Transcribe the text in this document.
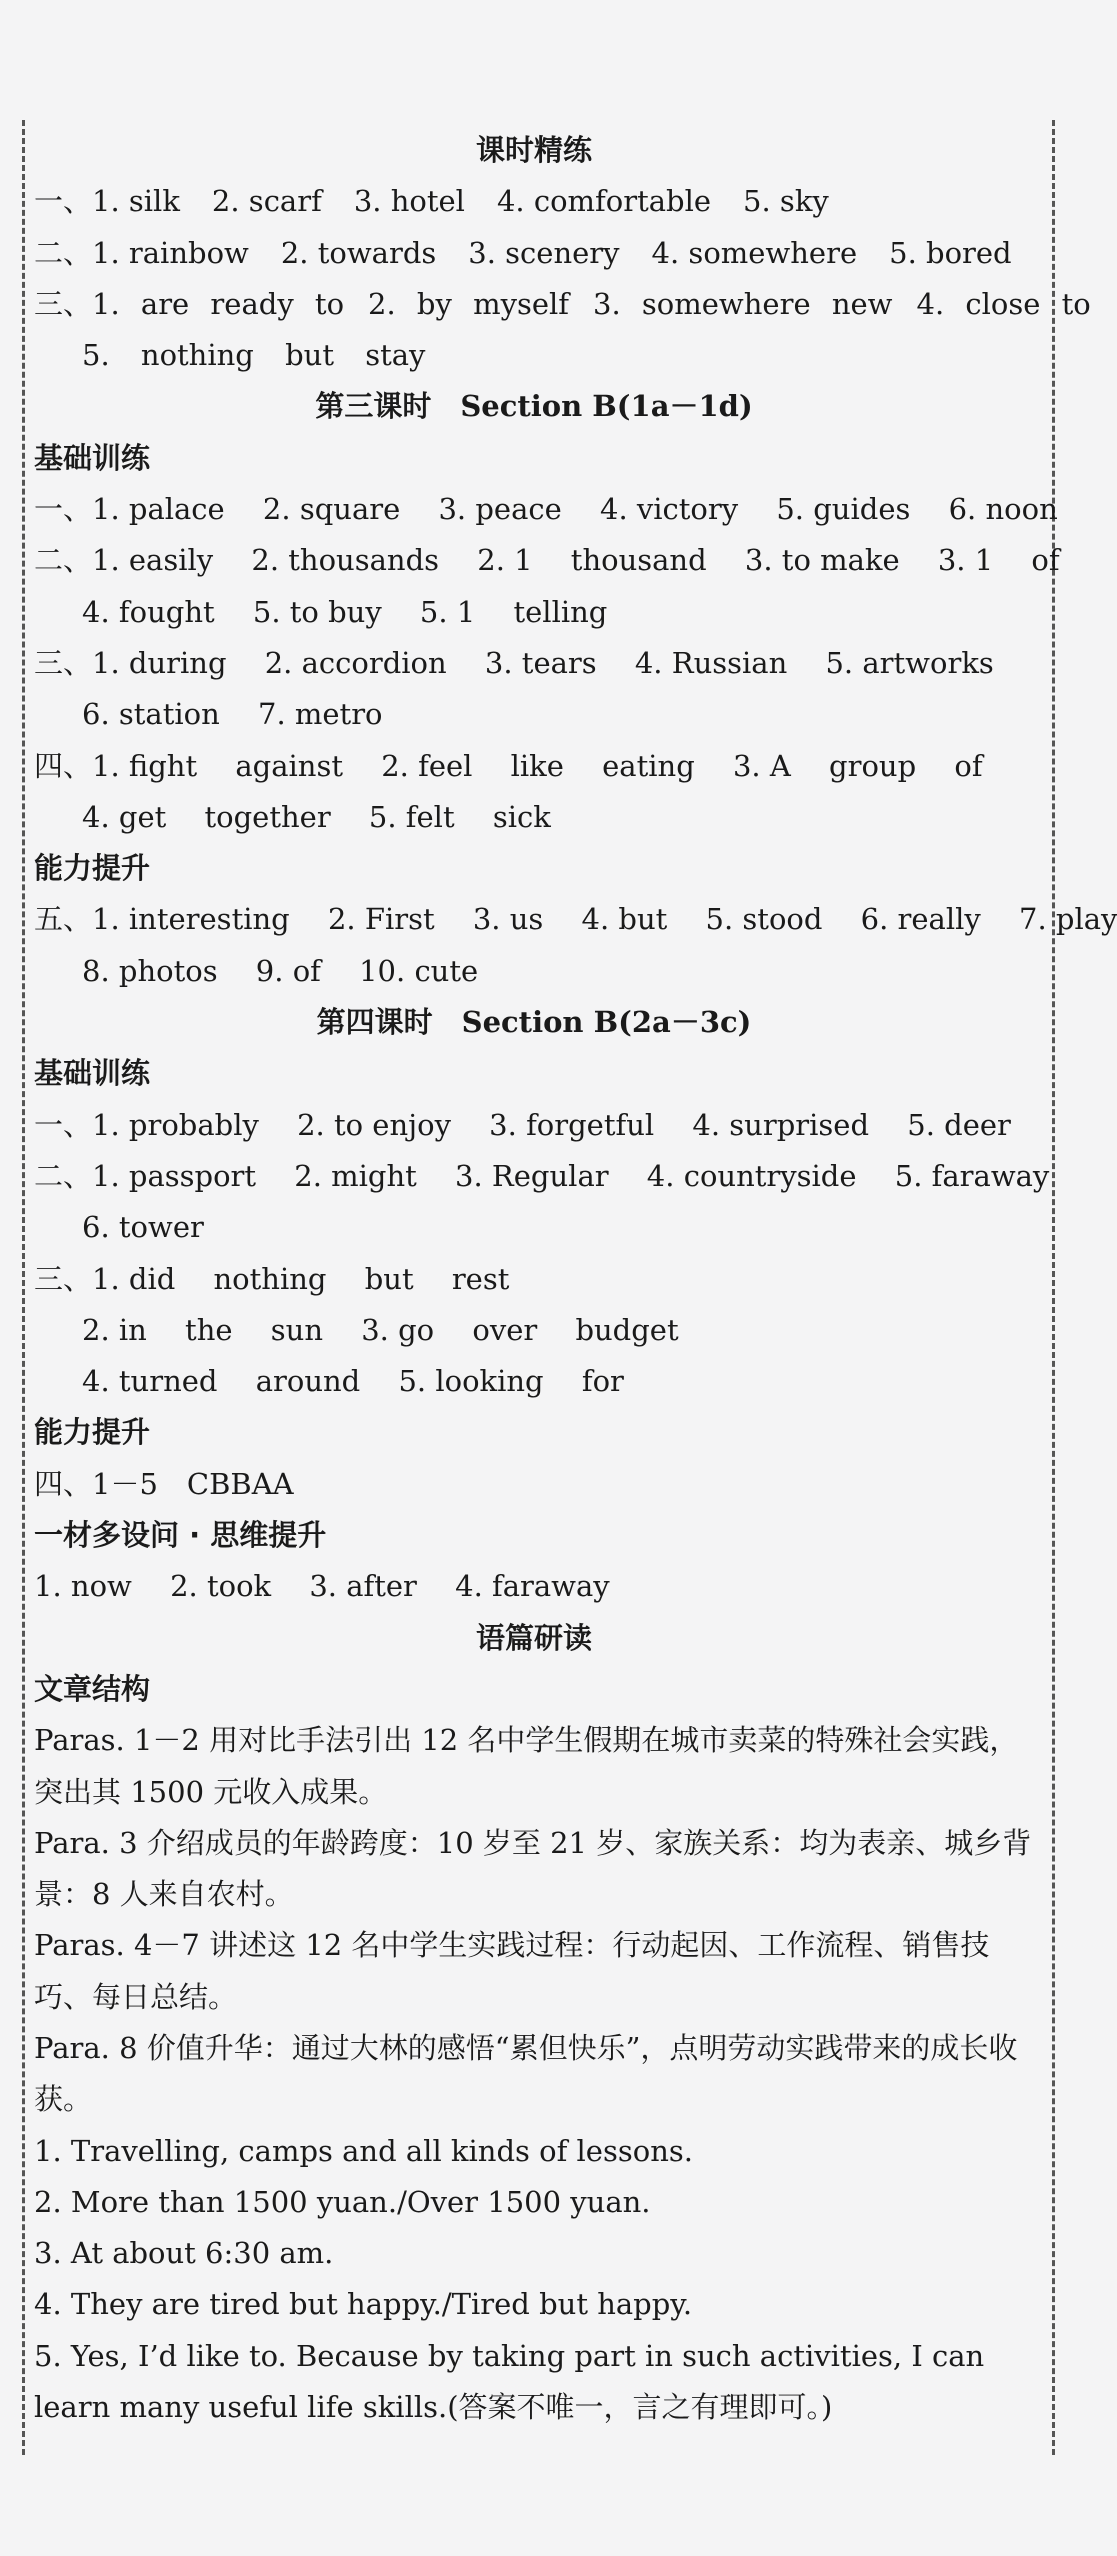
课时精练
一、1. silk 2. scarf 3. hotel 4. comfortable 5. sky
二、1. rainbow 2. towards 3. scenery 4. somewhere 5. bored
三、1. are ready to 2. by myself 3. somewhere new 4. close to
5. nothing but stay
第三课时　Section B(1a－1d)
基础训练
一、1. palace　 2. square　 3. peace　 4. victory　 5. guides　 6. noon
二、1. easily　 2. thousands　 2. 1　 thousand　 3. to make　 3. 1　 of
4. fought　 5. to buy　 5. 1　 telling
三、1. during　 2. accordion　 3. tears　 4. Russian　 5. artworks
6. station　 7. metro
四、1. fight　 against　 2. feel　 like　 eating　 3. A　 group　 of
4. get　 together　 5. felt　 sick
能力提升
五、1. interesting　 2. First　 3. us　 4. but　 5. stood　 6. really　 7. play
8. photos　 9. of　 10. cute
第四课时　Section B(2a－3c)
基础训练
一、1. probably　 2. to enjoy　 3. forgetful　 4. surprised　 5. deer
二、1. passport　 2. might　 3. Regular　 4. countryside　 5. faraway
6. tower
三、1. did　 nothing　 but　 rest
2. in　 the　 sun　 3. go　 over　 budget
4. turned　 around　 5. looking　 for
能力提升
四、1－5　CBBAA
一材多设问 · 思维提升
1. now　 2. took　 3. after　 4. faraway
语篇研读
文章结构
Paras. 1－2 用对比手法引出 12 名中学生假期在城市卖菜的特殊社会实践，突出其 1500 元收入成果。
Para. 3 介绍成员的年龄跨度：10 岁至 21 岁、家族关系：均为表亲、城乡背景：8 人来自农村。
Paras. 4－7 讲述这 12 名中学生实践过程：行动起因、工作流程、销售技巧、每日总结。
Para. 8 价值升华：通过大林的感悟“累但快乐”，点明劳动实践带来的成长收获。
1. Travelling, camps and all kinds of lessons.
2. More than 1500 yuan./Over 1500 yuan.
3. At about 6:30 am.
4. They are tired but happy./Tired but happy.
5. Yes, I’d like to. Because by taking part in such activities, I can learn many useful life skills.(答案不唯一，言之有理即可。)
